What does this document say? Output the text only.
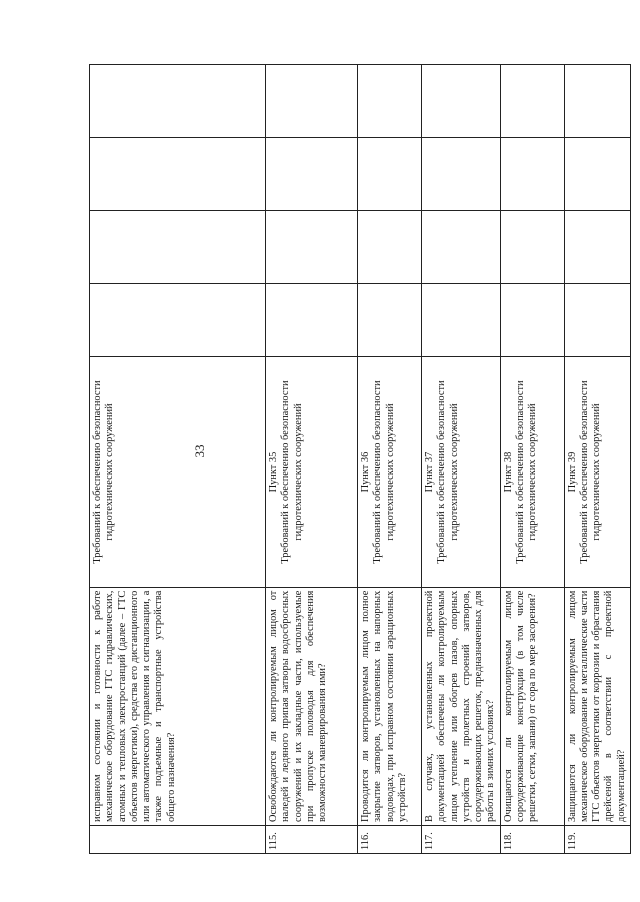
33
	исправном состоянии и готовности к работе механическое оборудование ГТС гидравлических, атомных и тепловых электростанций (далее – ГТС объектов энергетики), средства его дистанционного или автоматического управления и сигнализации, а также подъемные и транспортные устройства общего назначения?	Требований к обеспечению безопасности гидротехнических сооружений				

115.	Освобождаются ли контролируемым лицом от наледей и ледяного припая затворы водосбросных сооружений и их закладные части, используемые при пропуске половодья для обеспечения возможности маневрирования ими?	Пункт 35 Требований к обеспечению безопасности гидротехнических сооружений				

116.	Проводится ли контролируемым лицом полное закрытие затворов, установленных на напорных водоводах, при исправном состоянии аэрационных устройств?	Пункт 36 Требований к обеспечению безопасности гидротехнических сооружений				

117.	В случаях, установленных проектной документацией обеспечены ли контролируемым лицом утепление или обогрев пазов, опорных устройств и пролетных строений затворов, сороудерживающих решеток, предназначенных для работы в зимних условиях?	Пункт 37 Требований к обеспечению безопасности гидротехнических сооружений				

118.	Очищаются ли контролируемым лицом сороудерживающие конструкции (в том числе решетки, сетки, запани) от сора по мере засорения?	Пункт 38 Требований к обеспечению безопасности гидротехнических сооружений				

119.	Защищаются ли контролируемым лицом механическое оборудование и металлические части ГТС объектов энергетики от коррозии и обрастания дрейсеной в соответствии с проектной документацией?	Пункт 39 Требований к обеспечению безопасности гидротехнических сооружений				
